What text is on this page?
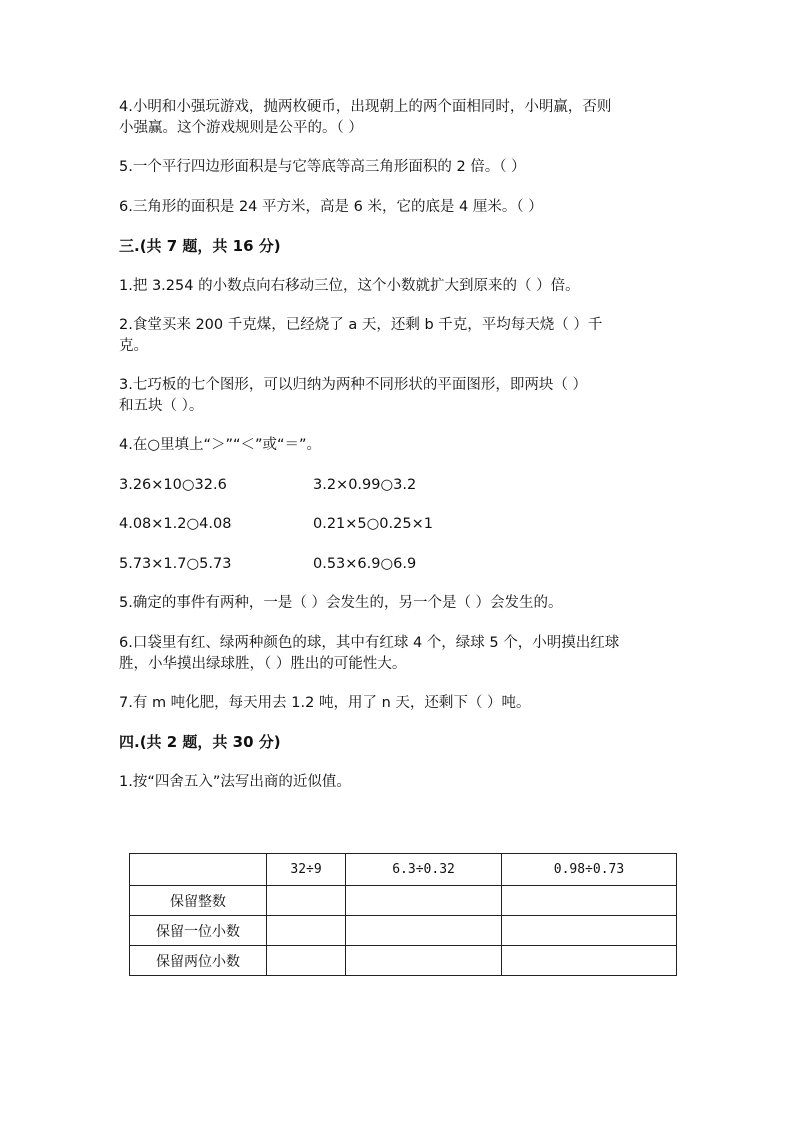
4.小明和小强玩游戏，抛两枚硬币，出现朝上的两个面相同时，小明赢，否则
小强赢。这个游戏规则是公平的。（ ）
5.一个平行四边形面积是与它等底等高三角形面积的 2 倍。（ ）
6.三角形的面积是 24 平方米，高是 6 米，它的底是 4 厘米。（ ）
三.(共 7 题，共 16 分)
1.把 3.254 的小数点向右移动三位，这个小数就扩大到原来的（ ）倍。
2.食堂买来 200 千克煤，已经烧了 a 天，还剩 b 千克，平均每天烧（ ）千
克。
3.七巧板的七个图形，可以归纳为两种不同形状的平面图形，即两块（ ）
和五块（ ）。
4.在○里填上“＞”“＜”或“＝”。
3.26×10○32.6	3.2×0.99○3.2
4.08×1.2○4.08	0.21×5○0.25×1
5.73×1.7○5.73	0.53×6.9○6.9
5.确定的事件有两种，一是（ ）会发生的，另一个是（ ）会发生的。
6.口袋里有红、绿两种颜色的球，其中有红球 4 个，绿球 5 个，小明摸出红球
胜，小华摸出绿球胜，（ ）胜出的可能性大。
7.有 m 吨化肥，每天用去 1.2 吨，用了 n 天，还剩下（ ）吨。
四.(共 2 题，共 30 分)
1.按“四舍五入”法写出商的近似值。
	32÷9	6.3÷0.32	0.98÷0.73
保留整数			
保留一位小数			
保留两位小数			
